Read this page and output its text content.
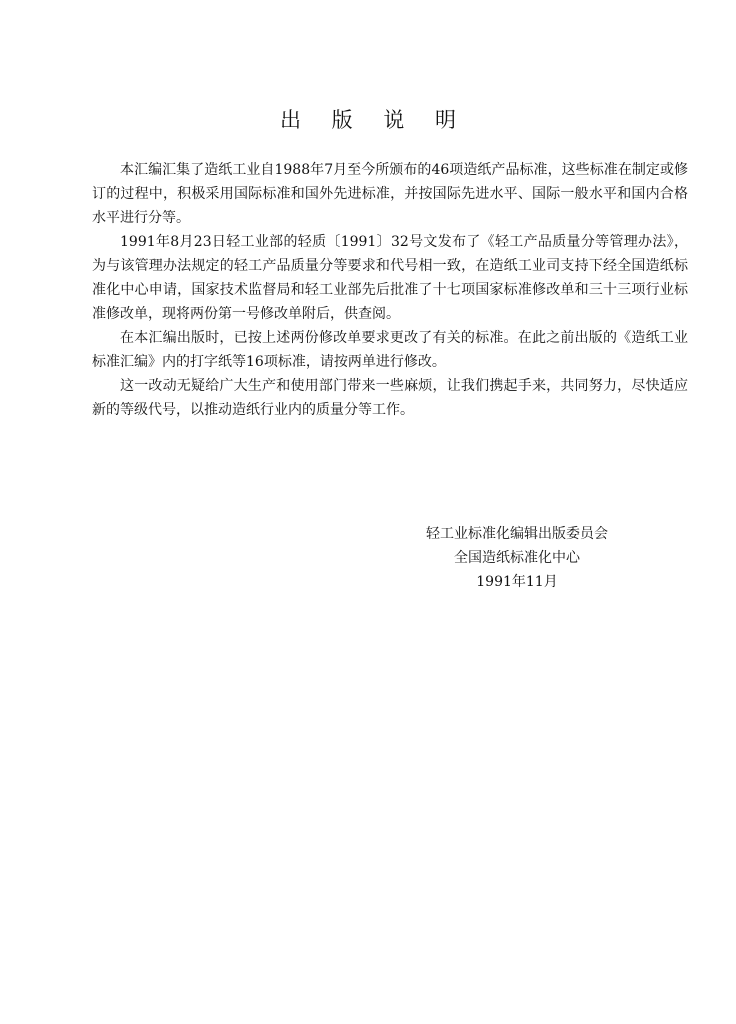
出 版 说 明

本汇编汇集了造纸工业自1988年7月至今所颁布的46项造纸产品标准，这些标准在制定或修订的过程中，积极采用国际标准和国外先进标准，并按国际先进水平、国际一般水平和国内合格水平进行分等。

1991年8月23日轻工业部的轻质〔1991〕32号文发布了《轻工产品质量分等管理办法》，为与该管理办法规定的轻工产品质量分等要求和代号相一致，在造纸工业司支持下经全国造纸标准化中心申请，国家技术监督局和轻工业部先后批准了十七项国家标准修改单和三十三项行业标准修改单，现将两份第一号修改单附后，供查阅。

在本汇编出版时，已按上述两份修改单要求更改了有关的标准。在此之前出版的《造纸工业标准汇编》内的打字纸等16项标准，请按两单进行修改。

这一改动无疑给广大生产和使用部门带来一些麻烦，让我们携起手来，共同努力，尽快适应新的等级代号，以推动造纸行业内的质量分等工作。

轻工业标准化编辑出版委员会
全国造纸标准化中心
1991年11月
